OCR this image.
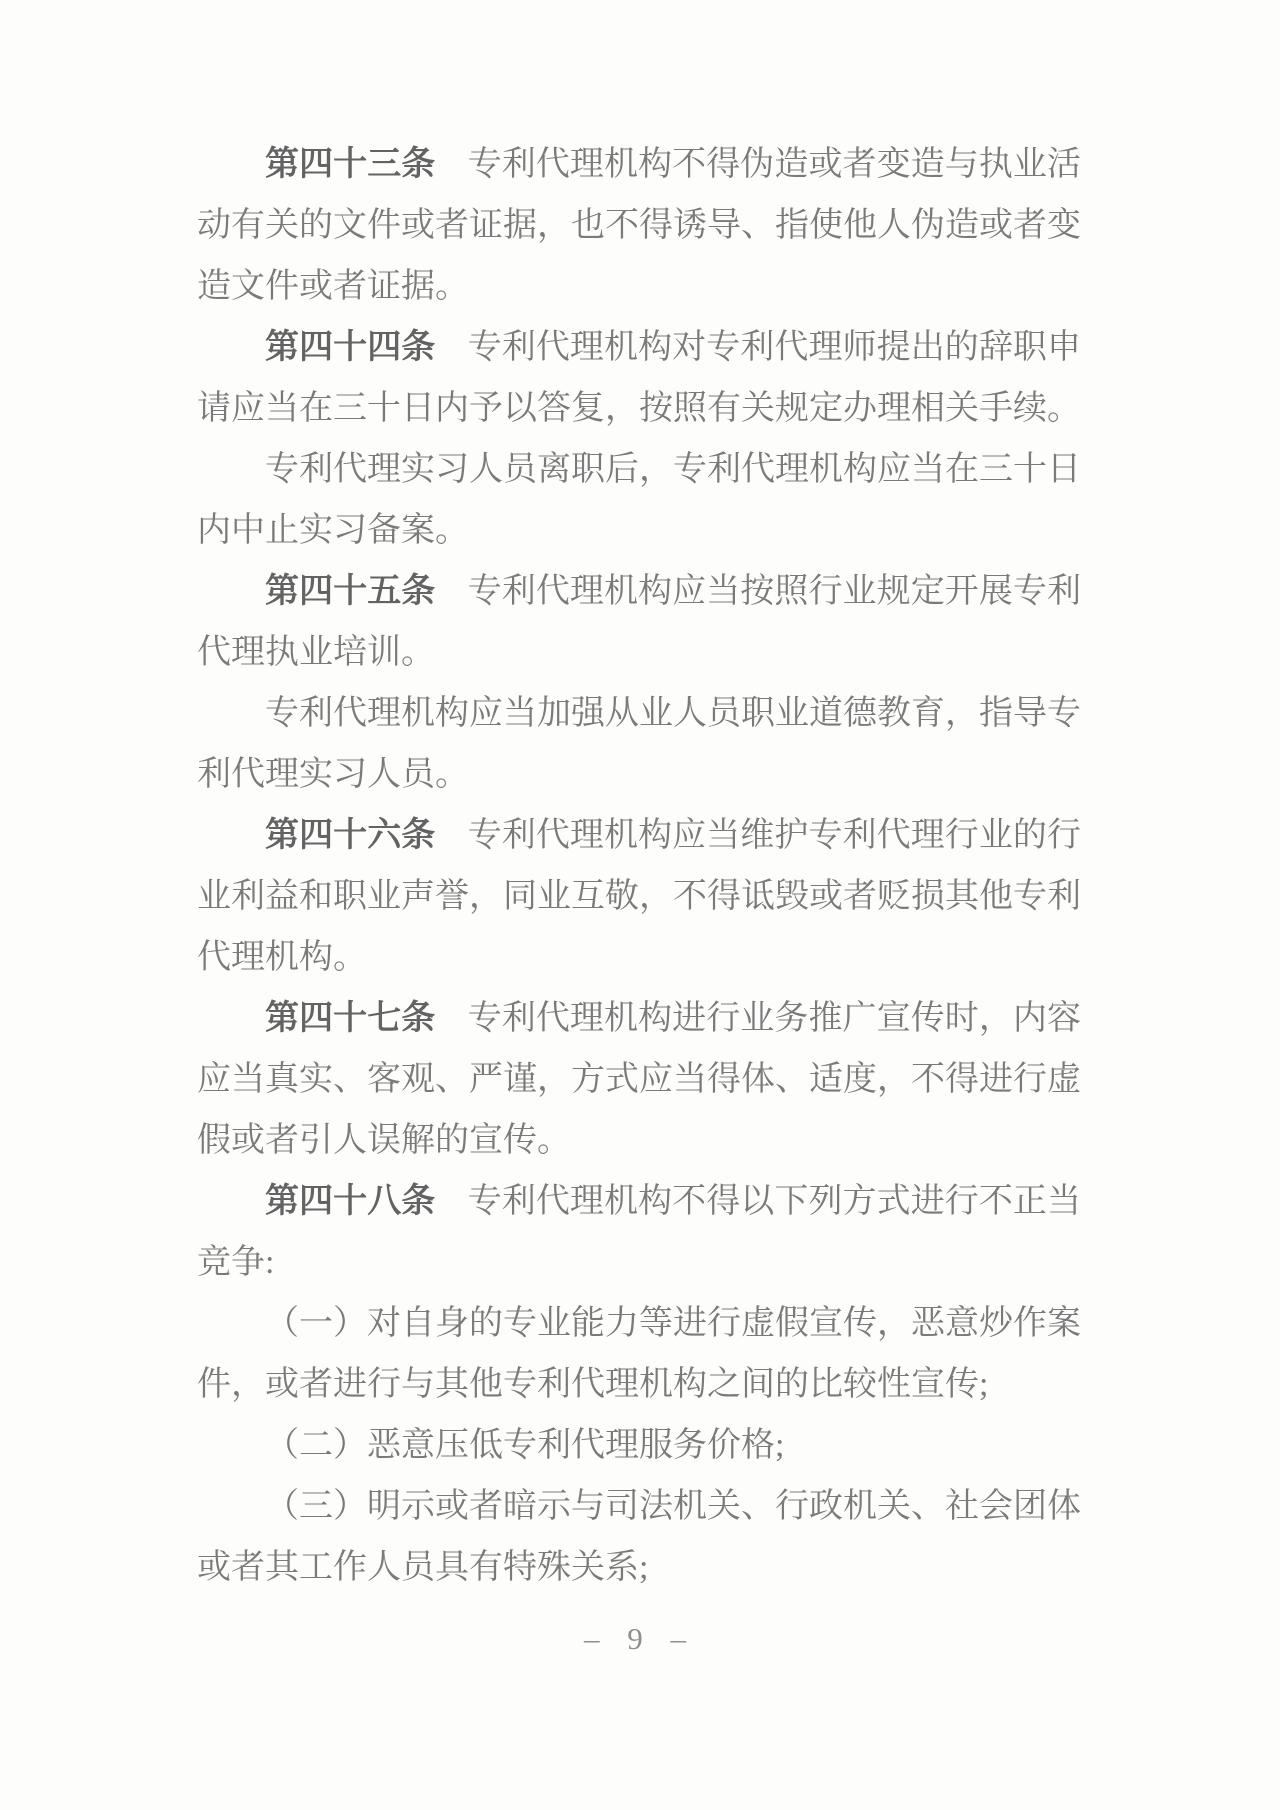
第四十三条 专利代理机构不得伪造或者变造与执业活
动有关的文件或者证据，也不得诱导、指使他人伪造或者变
造文件或者证据。
第四十四条 专利代理机构对专利代理师提出的辞职申
请应当在三十日内予以答复，按照有关规定办理相关手续。
专利代理实习人员离职后，专利代理机构应当在三十日
内中止实习备案。
第四十五条 专利代理机构应当按照行业规定开展专利
代理执业培训。
专利代理机构应当加强从业人员职业道德教育，指导专
利代理实习人员。
第四十六条 专利代理机构应当维护专利代理行业的行
业利益和职业声誉，同业互敬，不得诋毁或者贬损其他专利
代理机构。
第四十七条 专利代理机构进行业务推广宣传时，内容
应当真实、客观、严谨，方式应当得体、适度，不得进行虚
假或者引人误解的宣传。
第四十八条 专利代理机构不得以下列方式进行不正当
竞争:
（一）对自身的专业能力等进行虚假宣传，恶意炒作案
件，或者进行与其他专利代理机构之间的比较性宣传;
（二）恶意压低专利代理服务价格;
（三）明示或者暗示与司法机关、行政机关、社会团体
或者其工作人员具有特殊关系;
– 9 –
